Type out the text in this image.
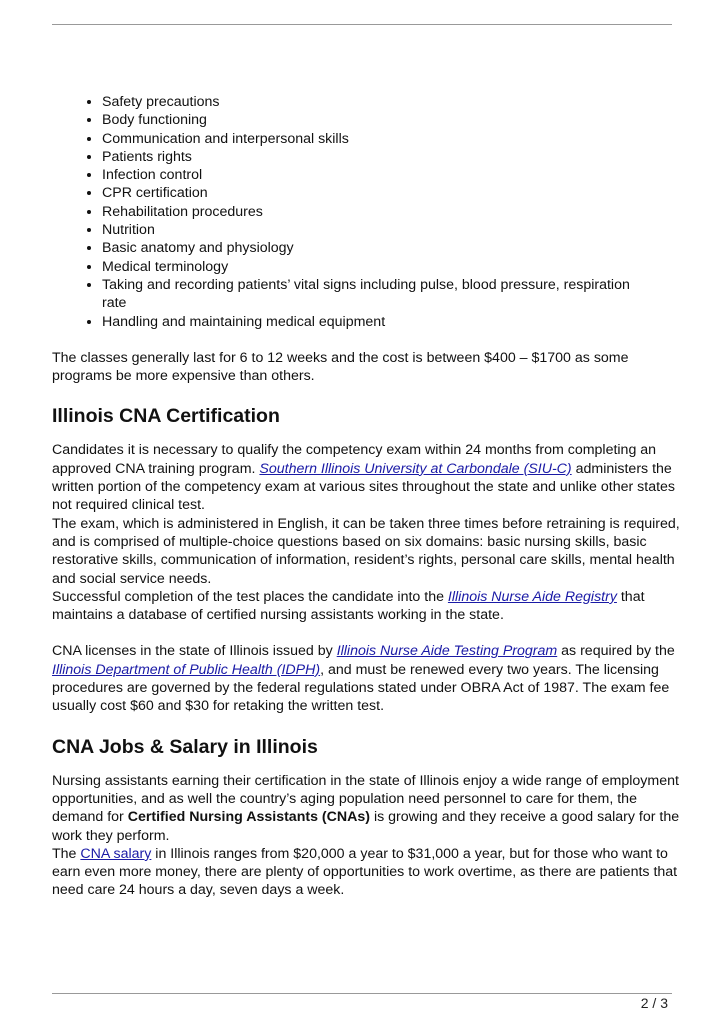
• Safety precautions
• Body functioning
• Communication and interpersonal skills
• Patients rights
• Infection control
• CPR certification
• Rehabilitation procedures
• Nutrition
• Basic anatomy and physiology
• Medical terminology
• Taking and recording patients’ vital signs including pulse, blood pressure, respiration rate
• Handling and maintaining medical equipment

The classes generally last for 6 to 12 weeks and the cost is between $400 – $1700 as some programs be more expensive than others.

Illinois CNA Certification

Candidates it is necessary to qualify the competency exam within 24 months from completing an approved CNA training program. Southern Illinois University at Carbondale (SIU-C) administers the written portion of the competency exam at various sites throughout the state and unlike other states not required clinical test.

The exam, which is administered in English, it can be taken three times before retraining is required, and is comprised of multiple-choice questions based on six domains: basic nursing skills, basic restorative skills, communication of information, resident’s rights, personal care skills, mental health and social service needs.

Successful completion of the test places the candidate into the Illinois Nurse Aide Registry that maintains a database of certified nursing assistants working in the state.

CNA licenses in the state of Illinois issued by Illinois Nurse Aide Testing Program as required by the Illinois Department of Public Health (IDPH), and must be renewed every two years. The licensing procedures are governed by the federal regulations stated under OBRA Act of 1987. The exam fee usually cost $60 and $30 for retaking the written test.

CNA Jobs & Salary in Illinois

Nursing assistants earning their certification in the state of Illinois enjoy a wide range of employment opportunities, and as well the country’s aging population need personnel to care for them, the demand for Certified Nursing Assistants (CNAs) is growing and they receive a good salary for the work they perform.

The CNA salary in Illinois ranges from $20,000 a year to $31,000 a year, but for those who want to earn even more money, there are plenty of opportunities to work overtime, as there are patients that need care 24 hours a day, seven days a week.

2 / 3
